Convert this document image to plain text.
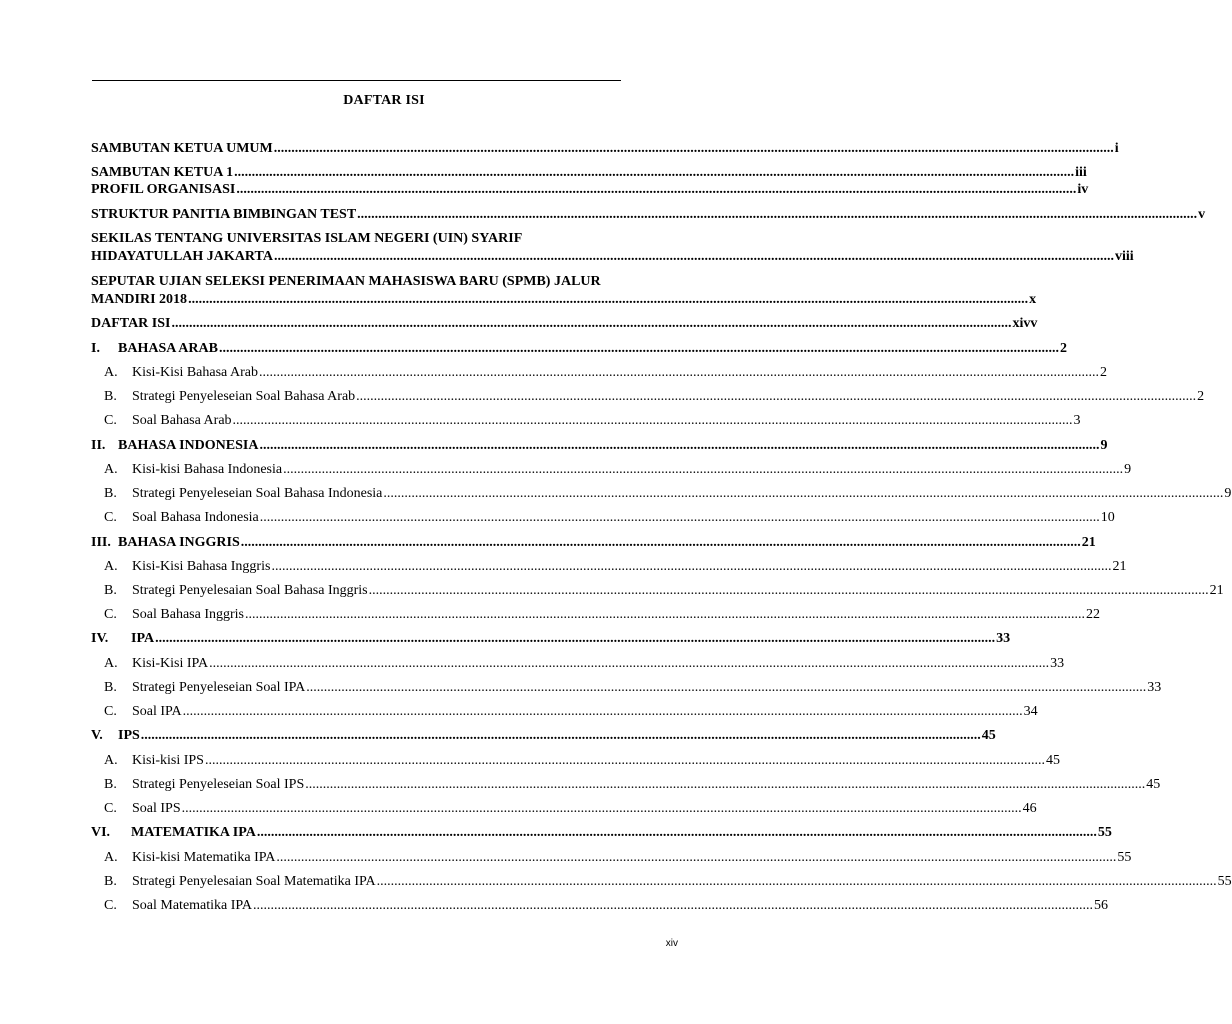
DAFTAR ISI
SAMBUTAN KETUA UMUM ................................................................................................................................................................................................................................................ i
SAMBUTAN KETUA 1 ................................................................................................................................................................................................................................................ iii
PROFIL ORGANISASI ................................................................................................................................................................................................................................................ iv
STRUKTUR PANITIA BIMBINGAN TEST ................................................................................................................................................................................................................................................ v
SEKILAS TENTANG UNIVERSITAS ISLAM NEGERI (UIN) SYARIF
HIDAYATULLAH JAKARTA ................................................................................................................................................................................................................................................ viii
SEPUTAR UJIAN SELEKSI PENERIMAAN MAHASISWA BARU (SPMB) JALUR
MANDIRI 2018 ................................................................................................................................................................................................................................................ x
DAFTAR ISI ................................................................................................................................................................................................................................................ xivv
I. BAHASA ARAB ................................................................................................................................................................................................................................................ 2
A. Kisi-Kisi Bahasa Arab ................................................................................................................................................................................................................................................ 2
B. Strategi Penyeleseian Soal Bahasa Arab ................................................................................................................................................................................................................................................ 2
C. Soal Bahasa Arab ................................................................................................................................................................................................................................................ 3
II. BAHASA INDONESIA ................................................................................................................................................................................................................................................ 9
A. Kisi-kisi Bahasa Indonesia ................................................................................................................................................................................................................................................ 9
B. Strategi Penyeleseian Soal Bahasa Indonesia ................................................................................................................................................................................................................................................ 9
C. Soal Bahasa Indonesia ................................................................................................................................................................................................................................................ 10
III. BAHASA INGGRIS ................................................................................................................................................................................................................................................ 21
A. Kisi-Kisi Bahasa Inggris ................................................................................................................................................................................................................................................ 21
B. Strategi Penyelesaian Soal Bahasa Inggris ................................................................................................................................................................................................................................................ 21
C. Soal Bahasa Inggris ................................................................................................................................................................................................................................................ 22
IV. IPA ................................................................................................................................................................................................................................................ 33
A. Kisi-Kisi IPA ................................................................................................................................................................................................................................................ 33
B. Strategi Penyeleseian Soal IPA ................................................................................................................................................................................................................................................ 33
C. Soal IPA ................................................................................................................................................................................................................................................ 34
V. IPS ................................................................................................................................................................................................................................................ 45
A. Kisi-kisi IPS ................................................................................................................................................................................................................................................ 45
B. Strategi Penyeleseian Soal IPS ................................................................................................................................................................................................................................................ 45
C. Soal IPS ................................................................................................................................................................................................................................................ 46
VI. MATEMATIKA IPA ................................................................................................................................................................................................................................................ 55
A. Kisi-kisi Matematika IPA ................................................................................................................................................................................................................................................ 55
B. Strategi Penyelesaian Soal Matematika IPA ................................................................................................................................................................................................................................................ 55
C. Soal Matematika IPA ................................................................................................................................................................................................................................................ 56
xiv
